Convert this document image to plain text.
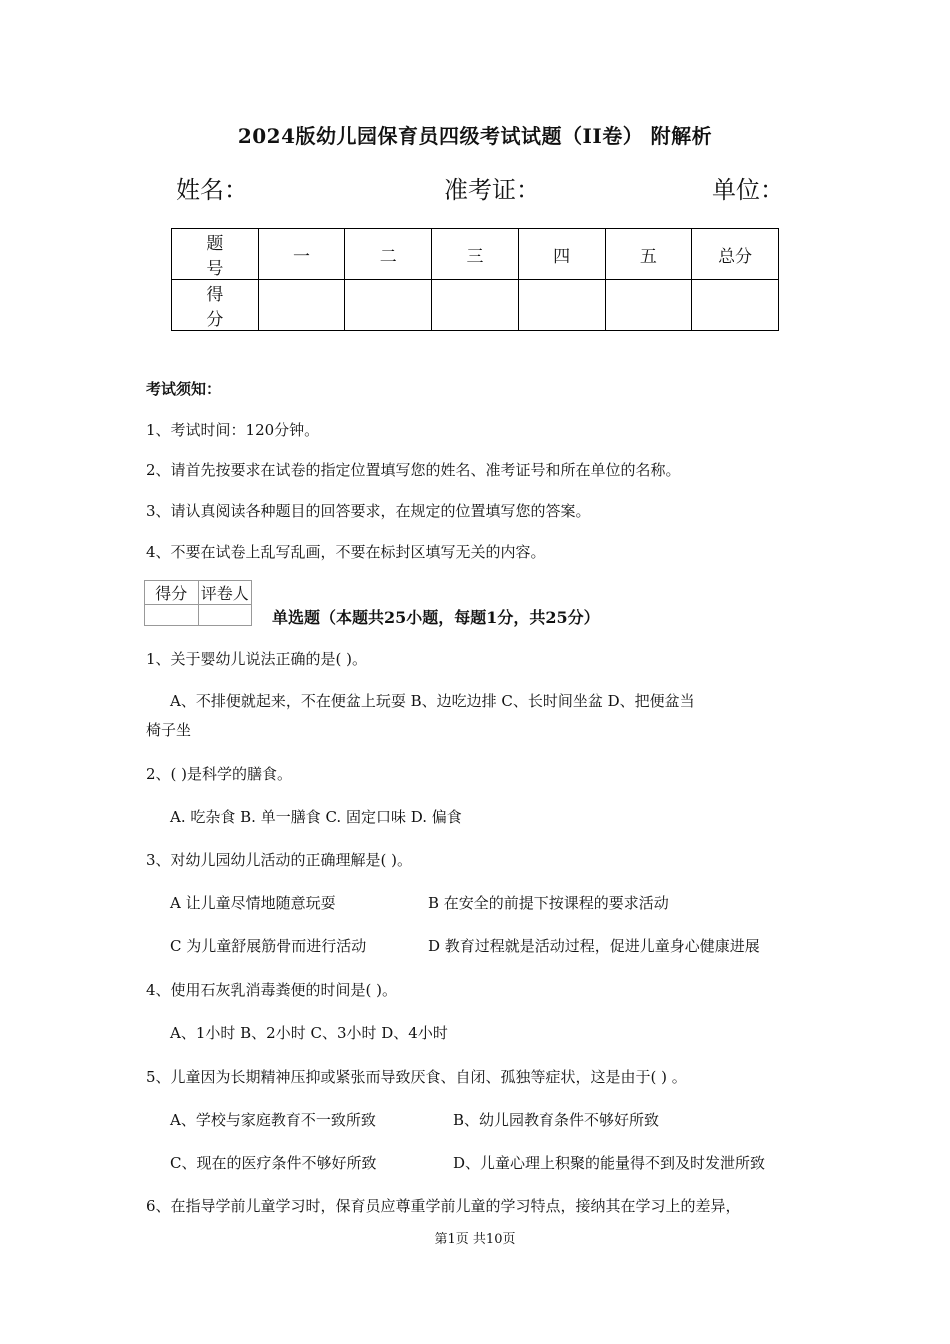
2024版幼儿园保育员四级考试试题（II卷） 附解析
姓名：	准考证：	单位：
题 号	一	二	三	四	五	总分
得 分						
考试须知：
1、考试时间：120分钟。
2、请首先按要求在试卷的指定位置填写您的姓名、准考证号和所在单位的名称。
3、请认真阅读各种题目的回答要求，在规定的位置填写您的答案。
4、不要在试卷上乱写乱画，不要在标封区填写无关的内容。
得分	评卷人

单选题（本题共25小题，每题1分，共25分）
1、关于婴幼儿说法正确的是( )。
A、不排便就起来，不在便盆上玩耍 B、边吃边排 C、长时间坐盆 D、把便盆当
椅子坐
2、( )是科学的膳食。
A. 吃杂食 B. 单一膳食 C. 固定口味 D. 偏食
3、对幼儿园幼儿活动的正确理解是( )。
A 让儿童尽情地随意玩耍	B 在安全的前提下按课程的要求活动
C 为儿童舒展筋骨而进行活动	D 教育过程就是活动过程，促进儿童身心健康进展
4、使用石灰乳消毒粪便的时间是( )。
A、1小时 B、2小时 C、3小时 D、4小时
5、儿童因为长期精神压抑或紧张而导致厌食、自闭、孤独等症状，这是由于( ) 。
A、学校与家庭教育不一致所致	B、幼儿园教育条件不够好所致
C、现在的医疗条件不够好所致	D、儿童心理上积聚的能量得不到及时发泄所致
6、在指导学前儿童学习时，保育员应尊重学前儿童的学习特点，接纳其在学习上的差异，
第1页 共10页
